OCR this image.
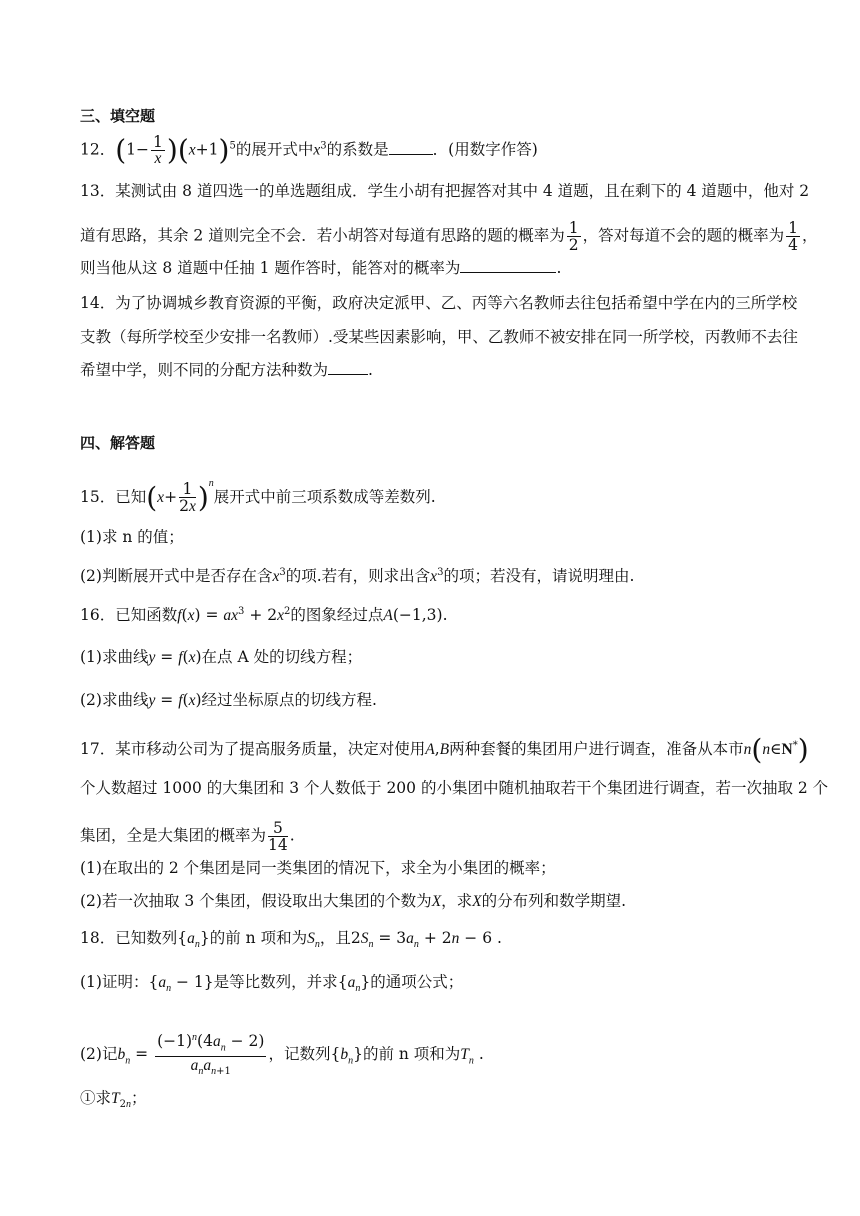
三、填空题
12．$(1- \frac{1}{x} )(x+1)^5$的展开式中$x^3$的系数是	．(用数字作答)
13．某测试由 8 道四选一的单选题组成．学生小胡有把握答对其中 4 道题，且在剩下的 4 道题中，他对 2
道有思路，其余 2 道则完全不会．若小胡答对每道有思路的题的概率为 $\frac{1}{2}$ ，答对每道不会的题的概率为 $\frac{1}{4}$ ，
则当他从这 8 道题中任抽 1 题作答时，能答对的概率为	.
14．为了协调城乡教育资源的平衡，政府决定派甲、乙、丙等六名教师去往包括希望中学在内的三所学校
支教（每所学校至少安排一名教师）.受某些因素影响，甲、乙教师不被安排在同一所学校，丙教师不去往
希望中学，则不同的分配方法种数为	.
四、解答题
15．已知$(x+ \frac{1}{2x} )^n$展开式中前三项系数成等差数列.
(1)求 n 的值；
(2)判断展开式中是否存在含$x^3$的项.若有，则求出含$x^3$的项；若没有，请说明理由.
16．已知函数$f(x) = ax^3 + 2x^2$的图象经过点A(−1,3).
(1)求曲线y = f(x)在点 A 处的切线方程；
(2)求曲线y = f(x)经过坐标原点的切线方程.
17．某市移动公司为了提高服务质量，决定对使用A,B两种套餐的集团用户进行调查，准备从本市n(n∈N*)
个人数超过 1000 的大集团和 3 个人数低于 200 的小集团中随机抽取若干个集团进行调查，若一次抽取 2 个
集团，全是大集团的概率为 $\frac{5}{14}$ .
(1)在取出的 2 个集团是同一类集团的情况下，求全为小集团的概率；
(2)若一次抽取 3 个集团，假设取出大集团的个数为X，求X的分布列和数学期望.
18．已知数列$\{a_n\}$的前 n 项和为$S_n$，且$2S_n = 3a_n + 2n - 6$ .
(1)证明：$\{a_n - 1\}$是等比数列，并求$\{a_n\}$的通项公式；
(2)记$b_n = \frac{(-1)^n(4a_n - 2)}{a_na_{n+1}}$ ，记数列$\{b_n\}$的前 n 项和为$T_n$ .
①求$T_{2n}$；
